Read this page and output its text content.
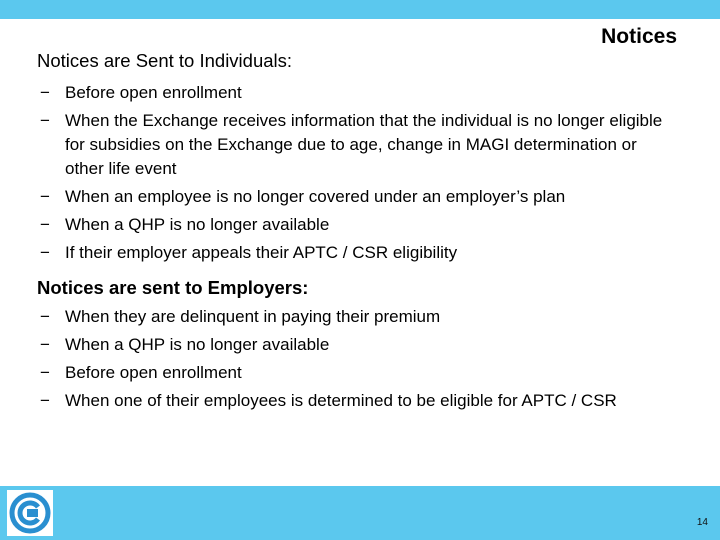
Notices
Notices are Sent to Individuals:
− Before open enrollment
− When the Exchange receives information that the individual is no longer eligible for subsidies on the Exchange due to age, change in MAGI determination or other life event
− When an employee is no longer covered under an employer’s plan
− When a QHP is no longer available
− If their employer appeals their APTC / CSR eligibility
Notices are sent to Employers:
− When they are delinquent in paying their premium
− When a QHP is no longer available
− Before open enrollment
− When one of their employees is determined to be eligible for APTC / CSR
14
